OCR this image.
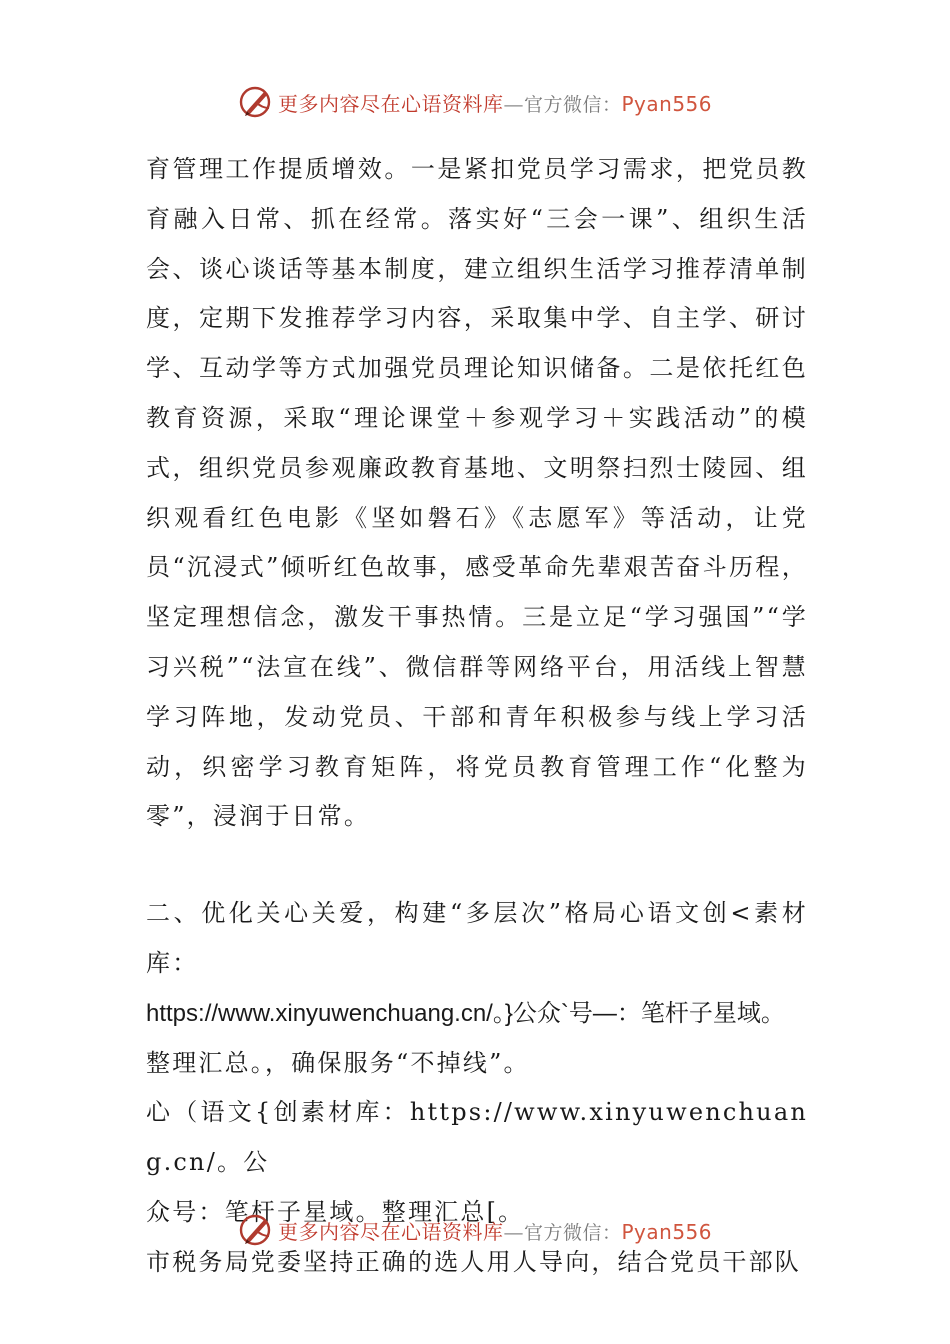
更多内容尽在心语资料库—官方微信：Pyan556

育管理工作提质增效。一是紧扣党员学习需求，把党员教育融入日常、抓在经常。落实好“三会一课”、组织生活会、谈心谈话等基本制度，建立组织生活学习推荐清单制度，定期下发推荐学习内容，采取集中学、自主学、研讨学、互动学等方式加强党员理论知识储备。二是依托红色教育资源，采取“理论课堂＋参观学习＋实践活动”的模式，组织党员参观廉政教育基地、文明祭扫烈士陵园、组织观看红色电影《坚如磐石》《志愿军》等活动，让党员“沉浸式”倾听红色故事，感受革命先辈艰苦奋斗历程，坚定理想信念，激发干事热情。三是立足“学习强国”“学习兴税”“法宣在线”、微信群等网络平台，用活线上智慧学习阵地，发动党员、干部和青年积极参与线上学习活动，织密学习教育矩阵，将党员教育管理工作“化整为零”，浸润于日常。

二、优化关心关爱，构建“多层次”格局心语文创<素材库：

https://www.xinyuwenchuang.cn/。}公众`号—：笔杆子星域。

整理汇总。，确保服务“不掉线”。

心（语文{创素材库：https://www.xinyuwenchuang.cn/。公

众号：笔杆子星域。整理汇总[。

市税务局党委坚持正确的选人用人导向，结合党员干部队

更多内容尽在心语资料库—官方微信：Pyan556
